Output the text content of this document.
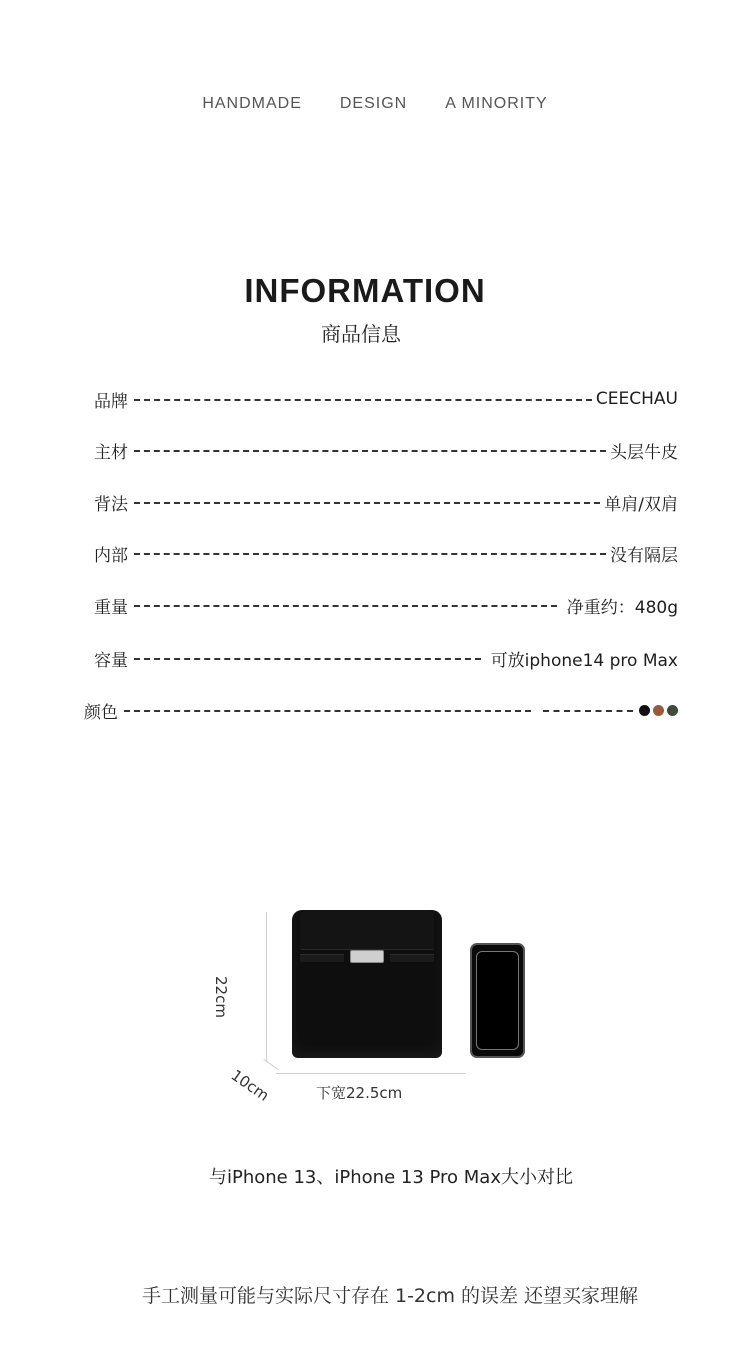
HANDMADE DESIGN A MINORITY
INFORMATION
商品信息
品牌	CEECHAU
主材	头层牛皮
背法	单肩/双肩
内部	没有隔层
重量	净重约：480g
容量	可放iphone14 pro Max
颜色
22cm
10cm	下宽22.5cm
与iPhone 13、iPhone 13 Pro Max大小对比
手工测量可能与实际尺寸存在 1-2cm 的误差 还望买家理解
